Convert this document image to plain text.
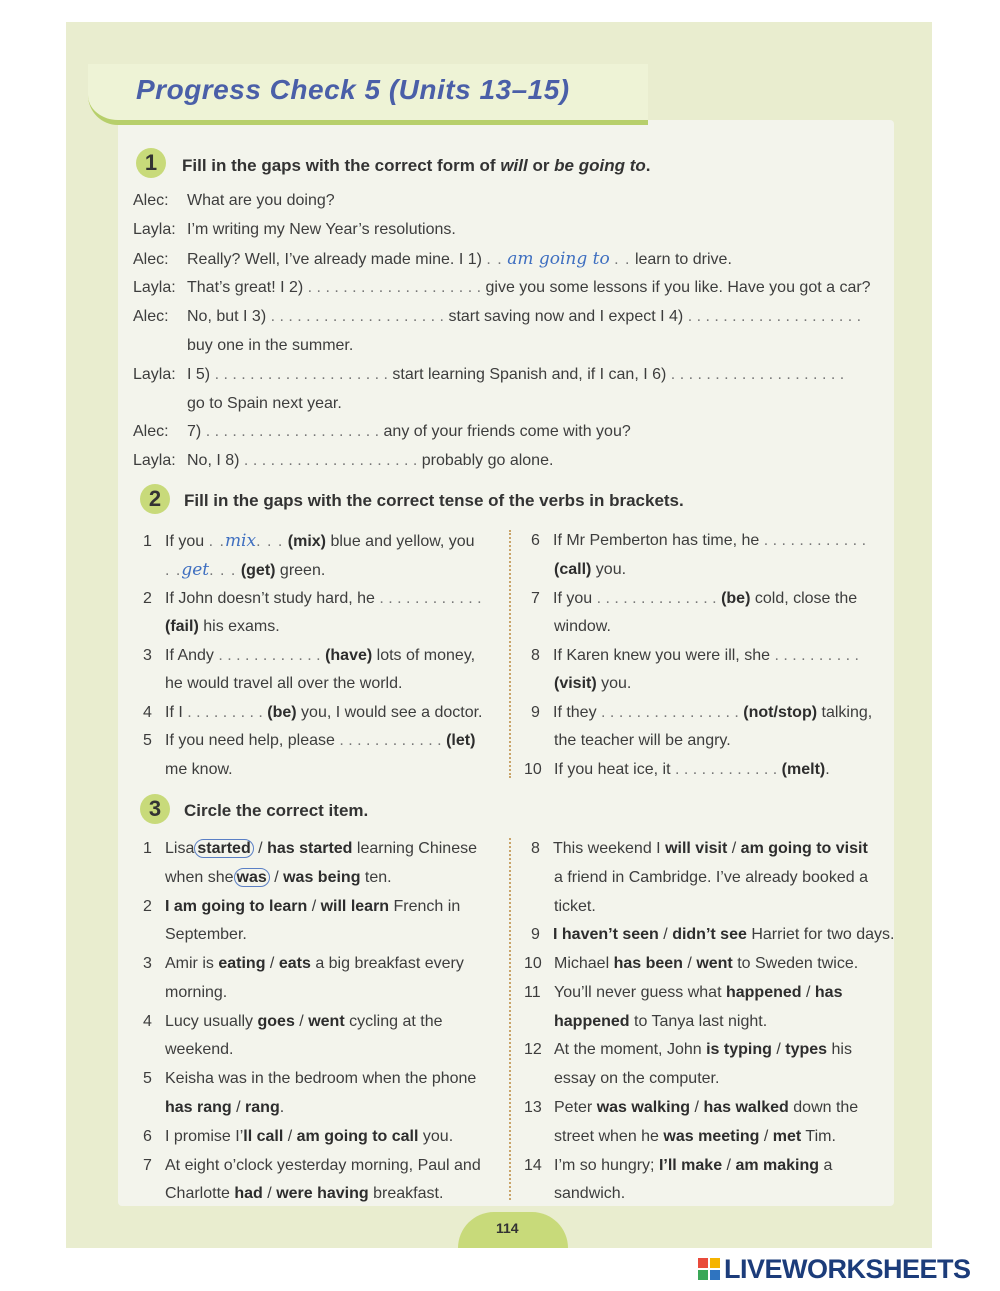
Progress Check 5 (Units 13–15)
1	Fill in the gaps with the correct form of will or be going to.
Alec: What are you doing?
Layla: I’m writing my New Year’s resolutions.
Alec: Really? Well, I’ve already made mine. I 1) . . am going to . . learn to drive.
Layla: That’s great! I 2) . . . . . . . . . . . . . . . . . . . . give you some lessons if you like. Have you got a car?
Alec: No, but I 3) . . . . . . . . . . . . . . . . . . . . start saving now and I expect I 4) . . . . . . . . . . . . . . . . . . . .
buy one in the summer.
Layla: I 5) . . . . . . . . . . . . . . . . . . . . start learning Spanish and, if I can, I 6) . . . . . . . . . . . . . . . . . . . .
go to Spain next year.
Alec: 7) . . . . . . . . . . . . . . . . . . . . any of your friends come with you?
Layla: No, I 8) . . . . . . . . . . . . . . . . . . . . probably go alone.
2	Fill in the gaps with the correct tense of the verbs in brackets.
1 If you . .mix. . . (mix) blue and yellow, you
. .get. . . (get) green.
2 If John doesn’t study hard, he . . . . . . . . . . . .
(fail) his exams.
3 If Andy . . . . . . . . . . . . (have) lots of money,
he would travel all over the world.
4 If I . . . . . . . . . (be) you, I would see a doctor.
5 If you need help, please . . . . . . . . . . . . (let)
me know.
6 If Mr Pemberton has time, he . . . . . . . . . . . .
(call) you.
7 If you . . . . . . . . . . . . . . (be) cold, close the
window.
8 If Karen knew you were ill, she . . . . . . . . . .
(visit) you.
9 If they . . . . . . . . . . . . . . . . (not/stop) talking,
the teacher will be angry.
10 If you heat ice, it . . . . . . . . . . . . (melt).
3	Circle the correct item.
1 Lisa started / has started learning Chinese
when she was / was being ten.
2 I am going to learn / will learn French in
September.
3 Amir is eating / eats a big breakfast every
morning.
4 Lucy usually goes / went cycling at the
weekend.
5 Keisha was in the bedroom when the phone
has rang / rang.
6 I promise I’ll call / am going to call you.
7 At eight o’clock yesterday morning, Paul and
Charlotte had / were having breakfast.
8 This weekend I will visit / am going to visit
a friend in Cambridge. I’ve already booked a
ticket.
9 I haven’t seen / didn’t see Harriet for two days.
10 Michael has been / went to Sweden twice.
11 You’ll never guess what happened / has
happened to Tanya last night.
12 At the moment, John is typing / types his
essay on the computer.
13 Peter was walking / has walked down the
street when he was meeting / met Tim.
14 I’m so hungry; I’ll make / am making a
sandwich.
114
LIVEWORKSHEETS
